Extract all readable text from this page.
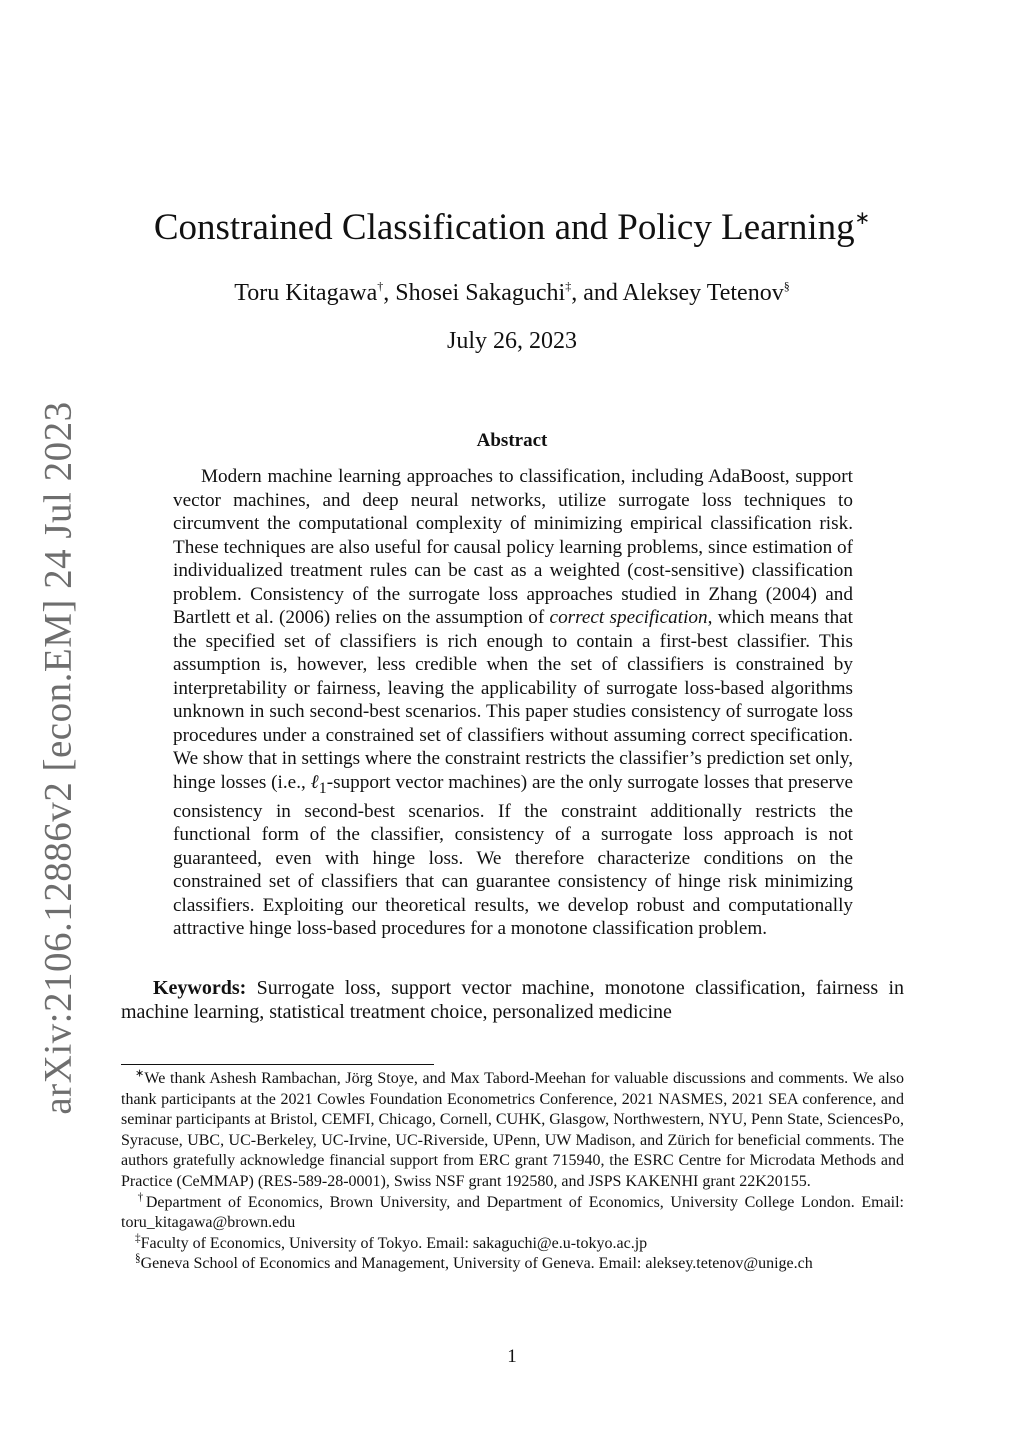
arXiv:2106.12886v2 [econ.EM] 24 Jul 2023
Constrained Classification and Policy Learning∗
Toru Kitagawa†, Shosei Sakaguchi‡, and Aleksey Tetenov§
July 26, 2023
Abstract
Modern machine learning approaches to classification, including AdaBoost, support vector machines, and deep neural networks, utilize surrogate loss techniques to circumvent the computational complexity of minimizing empirical classification risk. These techniques are also useful for causal policy learning problems, since estimation of individualized treatment rules can be cast as a weighted (cost-sensitive) classification problem. Consistency of the surrogate loss approaches studied in Zhang (2004) and Bartlett et al. (2006) relies on the assumption of correct specification, which means that the specified set of classifiers is rich enough to contain a first-best classifier. This assumption is, however, less credible when the set of classifiers is constrained by interpretability or fairness, leaving the applicability of surrogate loss-based algorithms unknown in such second-best scenarios. This paper studies consistency of surrogate loss procedures under a constrained set of classifiers without assuming correct specification. We show that in settings where the constraint restricts the classifier’s prediction set only, hinge losses (i.e., ℓ$_1$-support vector machines) are the only surrogate losses that preserve consistency in second-best scenarios. If the constraint additionally restricts the functional form of the classifier, consistency of a surrogate loss approach is not guaranteed, even with hinge loss. We therefore characterize conditions on the constrained set of classifiers that can guarantee consistency of hinge risk minimizing classifiers. Exploiting our theoretical results, we develop robust and computationally attractive hinge loss-based procedures for a monotone classification problem.
Keywords: Surrogate loss, support vector machine, monotone classification, fairness in machine learning, statistical treatment choice, personalized medicine

∗We thank Ashesh Rambachan, Jörg Stoye, and Max Tabord-Meehan for valuable discussions and comments. We also thank participants at the 2021 Cowles Foundation Econometrics Conference, 2021 NASMES, 2021 SEA conference, and seminar participants at Bristol, CEMFI, Chicago, Cornell, CUHK, Glasgow, Northwestern, NYU, Penn State, SciencesPo, Syracuse, UBC, UC-Berkeley, UC-Irvine, UC-Riverside, UPenn, UW Madison, and Zürich for beneficial comments. The authors gratefully acknowledge financial support from ERC grant 715940, the ESRC Centre for Microdata Methods and Practice (CeMMAP) (RES-589-28-0001), Swiss NSF grant 192580, and JSPS KAKENHI grant 22K20155.

†Department of Economics, Brown University, and Department of Economics, University College London. Email: toru_kitagawa@brown.edu

‡Faculty of Economics, University of Tokyo. Email: sakaguchi@e.u-tokyo.ac.jp

§Geneva School of Economics and Management, University of Geneva. Email: aleksey.tetenov@unige.ch

1
